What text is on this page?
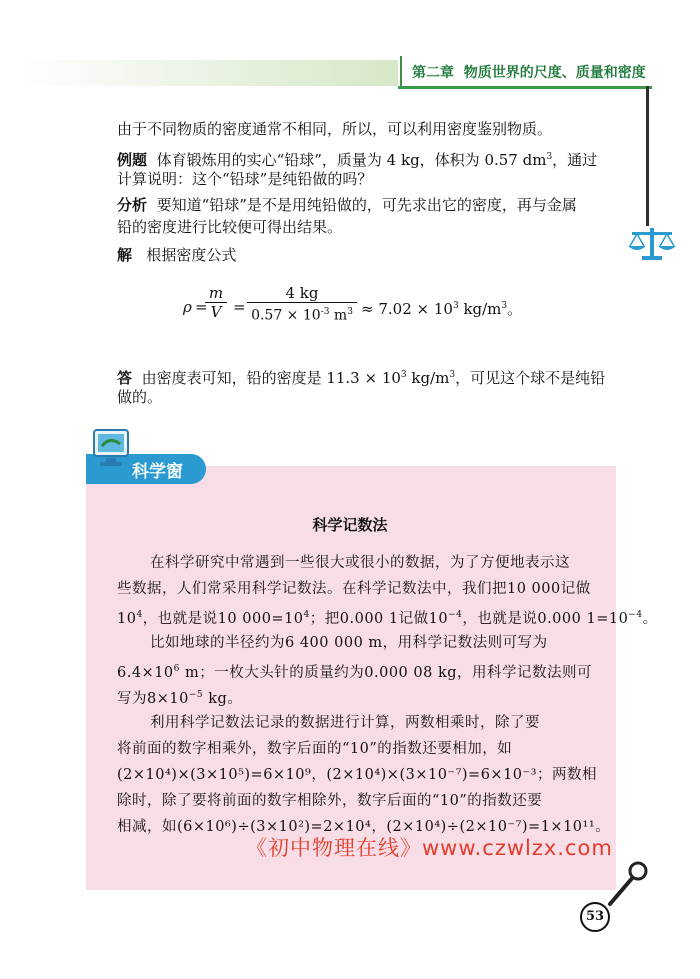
第二章 物质世界的尺度、质量和密度
由于不同物质的密度通常不相同，所以，可以利用密度鉴别物质。
例题 体育锻炼用的实心“铅球”，质量为 4 kg，体积为 0.57 $dm^3$，通过
计算说明：这个“铅球”是纯铅做的吗？
分析 要知道“铅球”是不是用纯铅做的，可先求出它的密度，再与金属
铅的密度进行比较便可得出结果。
解 根据密度公式
ρ =
$\frac{m}{V} = \frac{4 kg}{0.57 \times 10^{-3} m^3} \approx 7.02 \times 10^3$ $kg/m^3$。
答 由密度表可知，铅的密度是 $11.3 \times 10^3$ $kg/m^3$，可见这个球不是纯铅
做的。
科学窗
科学记数法
在科学研究中常遇到一些很大或很小的数据，为了方便地表示这
些数据，人们常采用科学记数法。在科学记数法中，我们把10 000记做
$10^4$，也就是说10 $000=10^4$；把0.000 1记做$10^{-4}$，也就是说0.000 $1=10^{-4}$。
比如地球的半径约为6 400 000 m，用科学记数法则可写为
$6.4\times 10^6$ m；一枚大头针的质量约为0.000 08 kg，用科学记数法则可
写为$8\times 10^{-5}$ kg。
利用科学记数法记录的数据进行计算，两数相乘时，除了要
将前面的数字相乘外，数字后面的“10”的指数还要相加，如
(2×10⁴)×(3×10⁵)=6×10⁹，(2×10⁴)×(3×10⁻⁷)=6×10⁻³；两数相
除时，除了要将前面的数字相除外，数字后面的“10”的指数还要
相减，如(6×10⁶)÷(3×10²)=2×10⁴，(2×10⁴)÷(2×10⁻⁷)=1×10¹¹。
《初中物理在线》www.czwlzx.com
53
